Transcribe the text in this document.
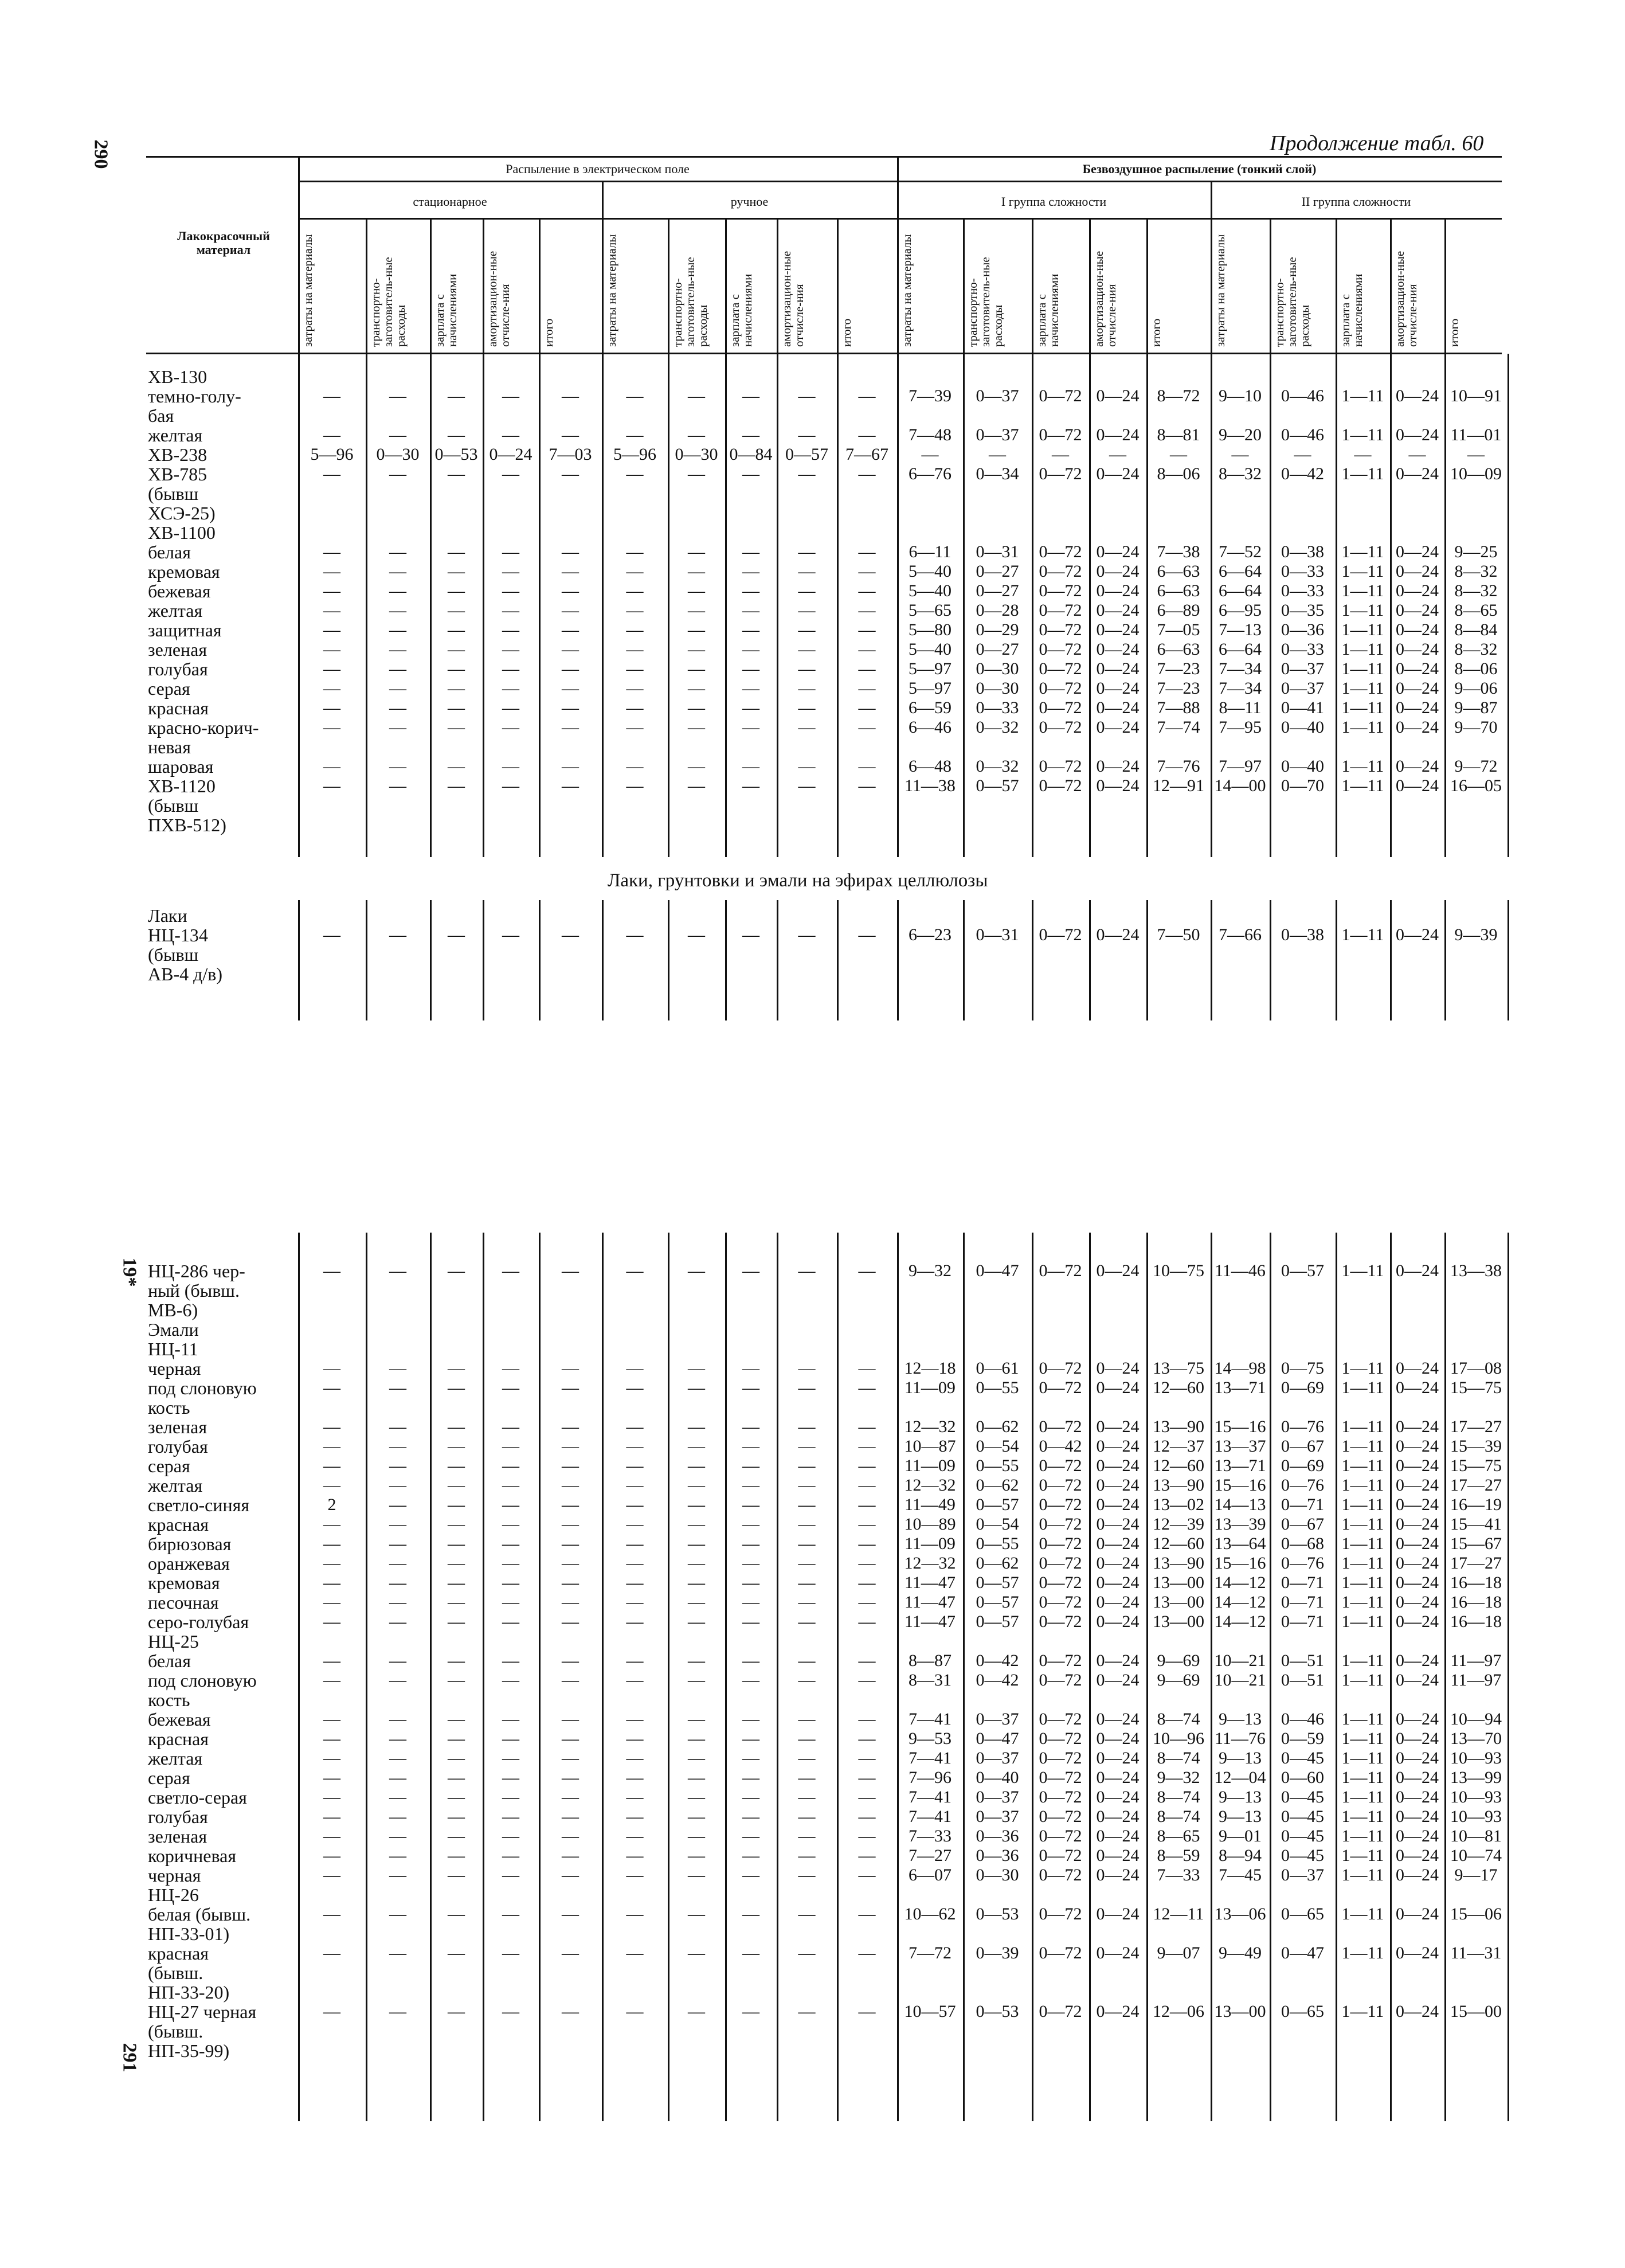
290
19*
291
Продолжение табл. 60
Лакокрасочный материал
Распыление в электрическом поле	Безвоздушное распыление (тонкий слой)
стационарное	ручное	I группа сложности	II группа сложности
затраты на материалы	транспортно-заготовитель-ные расходы	зарплата с начислениями	амортизацион-ные отчисле-ния	итого	затраты на материалы	транспортно-заготовитель-ные расходы	зарплата с начислениями	амортизацион-ные отчисле-ния	итого	затраты на материалы	транспортно-заготовитель-ные расходы	зарплата с начислениями	амортизацион-ные отчисле-ния	итого	затраты на материалы	транспортно-заготовитель-ные расходы	зарплата с начислениями	амортизацион-ные отчисле-ния	итого
ХВ-130
темно-голу-	—	—	—	—	—	—	—	—	—	—	7—39	0—37	0—72 0—24	8—72	9—10	0—46	1—11 0—24 10—91
бая
желтая	—	—	—	—	—	—	—	—	—	—	7—48	0—37	0—72 0—24	8—81	9—20	0—46	1—11 0—24 11—01
ХВ-238	5—96	0—30 0—53 0—24 7—03	5—96	0—30 0—84 0—57	7—67	—	—	—	—	—	—	—	—	—	—
ХВ-785	—	—	—	—	—	—	—	—	—	—	6—76	0—34	0—72 0—24	8—06	8—32	0—42	1—11 0—24 10—09
(бывш
ХСЭ-25)
ХВ-1100
белая	—	—	—	—	—	—	—	—	—	—	6—11	0—31	0—72 0—24	7—38	7—52	0—38	1—11 0—24 9—25
кремовая	—	—	—	—	—	—	—	—	—	—	5—40	0—27	0—72 0—24	6—63	6—64	0—33	1—11 0—24 8—32
бежевая	—	—	—	—	—	—	—	—	—	—	5—40	0—27	0—72 0—24	6—63	6—64	0—33	1—11 0—24 8—32
желтая	—	—	—	—	—	—	—	—	—	—	5—65	0—28	0—72 0—24	6—89	6—95	0—35	1—11 0—24 8—65
защитная	—	—	—	—	—	—	—	—	—	—	5—80	0—29	0—72 0—24	7—05	7—13	0—36	1—11 0—24 8—84
зеленая	—	—	—	—	—	—	—	—	—	—	5—40	0—27	0—72 0—24	6—63	6—64	0—33	1—11 0—24 8—32
голубая	—	—	—	—	—	—	—	—	—	—	5—97	0—30	0—72 0—24	7—23	7—34	0—37	1—11 0—24 8—06
серая	—	—	—	—	—	—	—	—	—	—	5—97	0—30	0—72 0—24	7—23	7—34	0—37	1—11 0—24 9—06
красная	—	—	—	—	—	—	—	—	—	—	6—59	0—33	0—72 0—24	7—88	8—11	0—41	1—11 0—24 9—87
красно-корич-	—	—	—	—	—	—	—	—	—	—	6—46	0—32	0—72 0—24	7—74	7—95	0—40	1—11 0—24 9—70
невая
шаровая	—	—	—	—	—	—	—	—	—	—	6—48	0—32	0—72 0—24	7—76	7—97	0—40	1—11 0—24 9—72
ХВ-1120	—	—	—	—	—	—	—	—	—	—	11—38	0—57	0—72 0—24 12—91 14—00 0—70	1—11 0—24 16—05
(бывш
ПХВ-512)
Лаки, грунтовки и эмали на эфирах целлюлозы
Лаки
НЦ-134	—	—	—	—	—	—	—	—	—	—	6—23	0—31	0—72 0—24	7—50	7—66	0—38	1—11 0—24 9—39
(бывш
АВ-4 д/в)
НЦ-286 чер-	—	—	—	—	—	—	—	—	—	—	9—32	0—47	0—72 0—24 10—75 11—46 0—57	1—11 0—24 13—38
ный (бывш.
МВ-6)
Эмали
НЦ-11
черная	—	—	—	—	—	—	—	—	—	—	12—18	0—61	0—72 0—24 13—75 14—98 0—75	1—11 0—24 17—08
под слоновую	—	—	—	—	—	—	—	—	—	—	11—09	0—55	0—72 0—24 12—60 13—71 0—69	1—11 0—24 15—75
кость
зеленая	—	—	—	—	—	—	—	—	—	—	12—32	0—62	0—72 0—24 13—90 15—16 0—76	1—11 0—24 17—27
голубая	—	—	—	—	—	—	—	—	—	—	10—87	0—54	0—42 0—24 12—37 13—37 0—67	1—11 0—24 15—39
серая	—	—	—	—	—	—	—	—	—	—	11—09	0—55	0—72 0—24 12—60 13—71 0—69	1—11 0—24 15—75
желтая	—	—	—	—	—	—	—	—	—	—	12—32	0—62	0—72 0—24 13—90 15—16 0—76	1—11 0—24 17—27
светло-синяя	2	—	—	—	—	—	—	—	—	—	11—49	0—57	0—72 0—24 13—02 14—13 0—71	1—11 0—24 16—19
красная	—	—	—	—	—	—	—	—	—	—	10—89	0—54	0—72 0—24 12—39 13—39 0—67	1—11 0—24 15—41
бирюзовая	—	—	—	—	—	—	—	—	—	—	11—09	0—55	0—72 0—24 12—60 13—64 0—68	1—11 0—24 15—67
оранжевая	—	—	—	—	—	—	—	—	—	—	12—32	0—62	0—72 0—24 13—90 15—16 0—76	1—11 0—24 17—27
кремовая	—	—	—	—	—	—	—	—	—	—	11—47	0—57	0—72 0—24 13—00 14—12 0—71	1—11 0—24 16—18
песочная	—	—	—	—	—	—	—	—	—	—	11—47	0—57	0—72 0—24 13—00 14—12 0—71	1—11 0—24 16—18
серо-голубая	—	—	—	—	—	—	—	—	—	—	11—47	0—57	0—72 0—24 13—00 14—12 0—71	1—11 0—24 16—18
НЦ-25
белая	—	—	—	—	—	—	—	—	—	—	8—87	0—42	0—72 0—24	9—69 10—21 0—51	1—11 0—24 11—97
под слоновую	—	—	—	—	—	—	—	—	—	—	8—31	0—42	0—72 0—24	9—69 10—21 0—51	1—11 0—24 11—97
кость
бежевая	—	—	—	—	—	—	—	—	—	—	7—41	0—37	0—72 0—24	8—74	9—13	0—46	1—11 0—24 10—94
красная	—	—	—	—	—	—	—	—	—	—	9—53	0—47	0—72 0—24 10—96 11—76 0—59	1—11 0—24 13—70
желтая	—	—	—	—	—	—	—	—	—	—	7—41	0—37	0—72 0—24	8—74	9—13	0—45	1—11 0—24 10—93
серая	—	—	—	—	—	—	—	—	—	—	7—96	0—40	0—72 0—24	9—32 12—04 0—60	1—11 0—24 13—99
светло-серая	—	—	—	—	—	—	—	—	—	—	7—41	0—37	0—72 0—24	8—74	9—13	0—45	1—11 0—24 10—93
голубая	—	—	—	—	—	—	—	—	—	—	7—41	0—37	0—72 0—24	8—74	9—13	0—45	1—11 0—24 10—93
зеленая	—	—	—	—	—	—	—	—	—	—	7—33	0—36	0—72 0—24	8—65	9—01	0—45	1—11 0—24 10—81
коричневая	—	—	—	—	—	—	—	—	—	—	7—27	0—36	0—72 0—24	8—59	8—94	0—45	1—11 0—24 10—74
черная	—	—	—	—	—	—	—	—	—	—	6—07	0—30	0—72 0—24	7—33	7—45	0—37	1—11 0—24 9—17
НЦ-26
белая (бывш.	—	—	—	—	—	—	—	—	—	—	10—62	0—53	0—72 0—24 12—11 13—06 0—65	1—11 0—24 15—06
НП-33-01)
красная	—	—	—	—	—	—	—	—	—	—	7—72	0—39	0—72 0—24	9—07	9—49	0—47	1—11 0—24 11—31
(бывш.
НП-33-20)
НЦ-27 черная	—	—	—	—	—	—	—	—	—	—	10—57	0—53	0—72 0—24 12—06 13—00 0—65	1—11 0—24 15—00
(бывш.
НП-35-99)
